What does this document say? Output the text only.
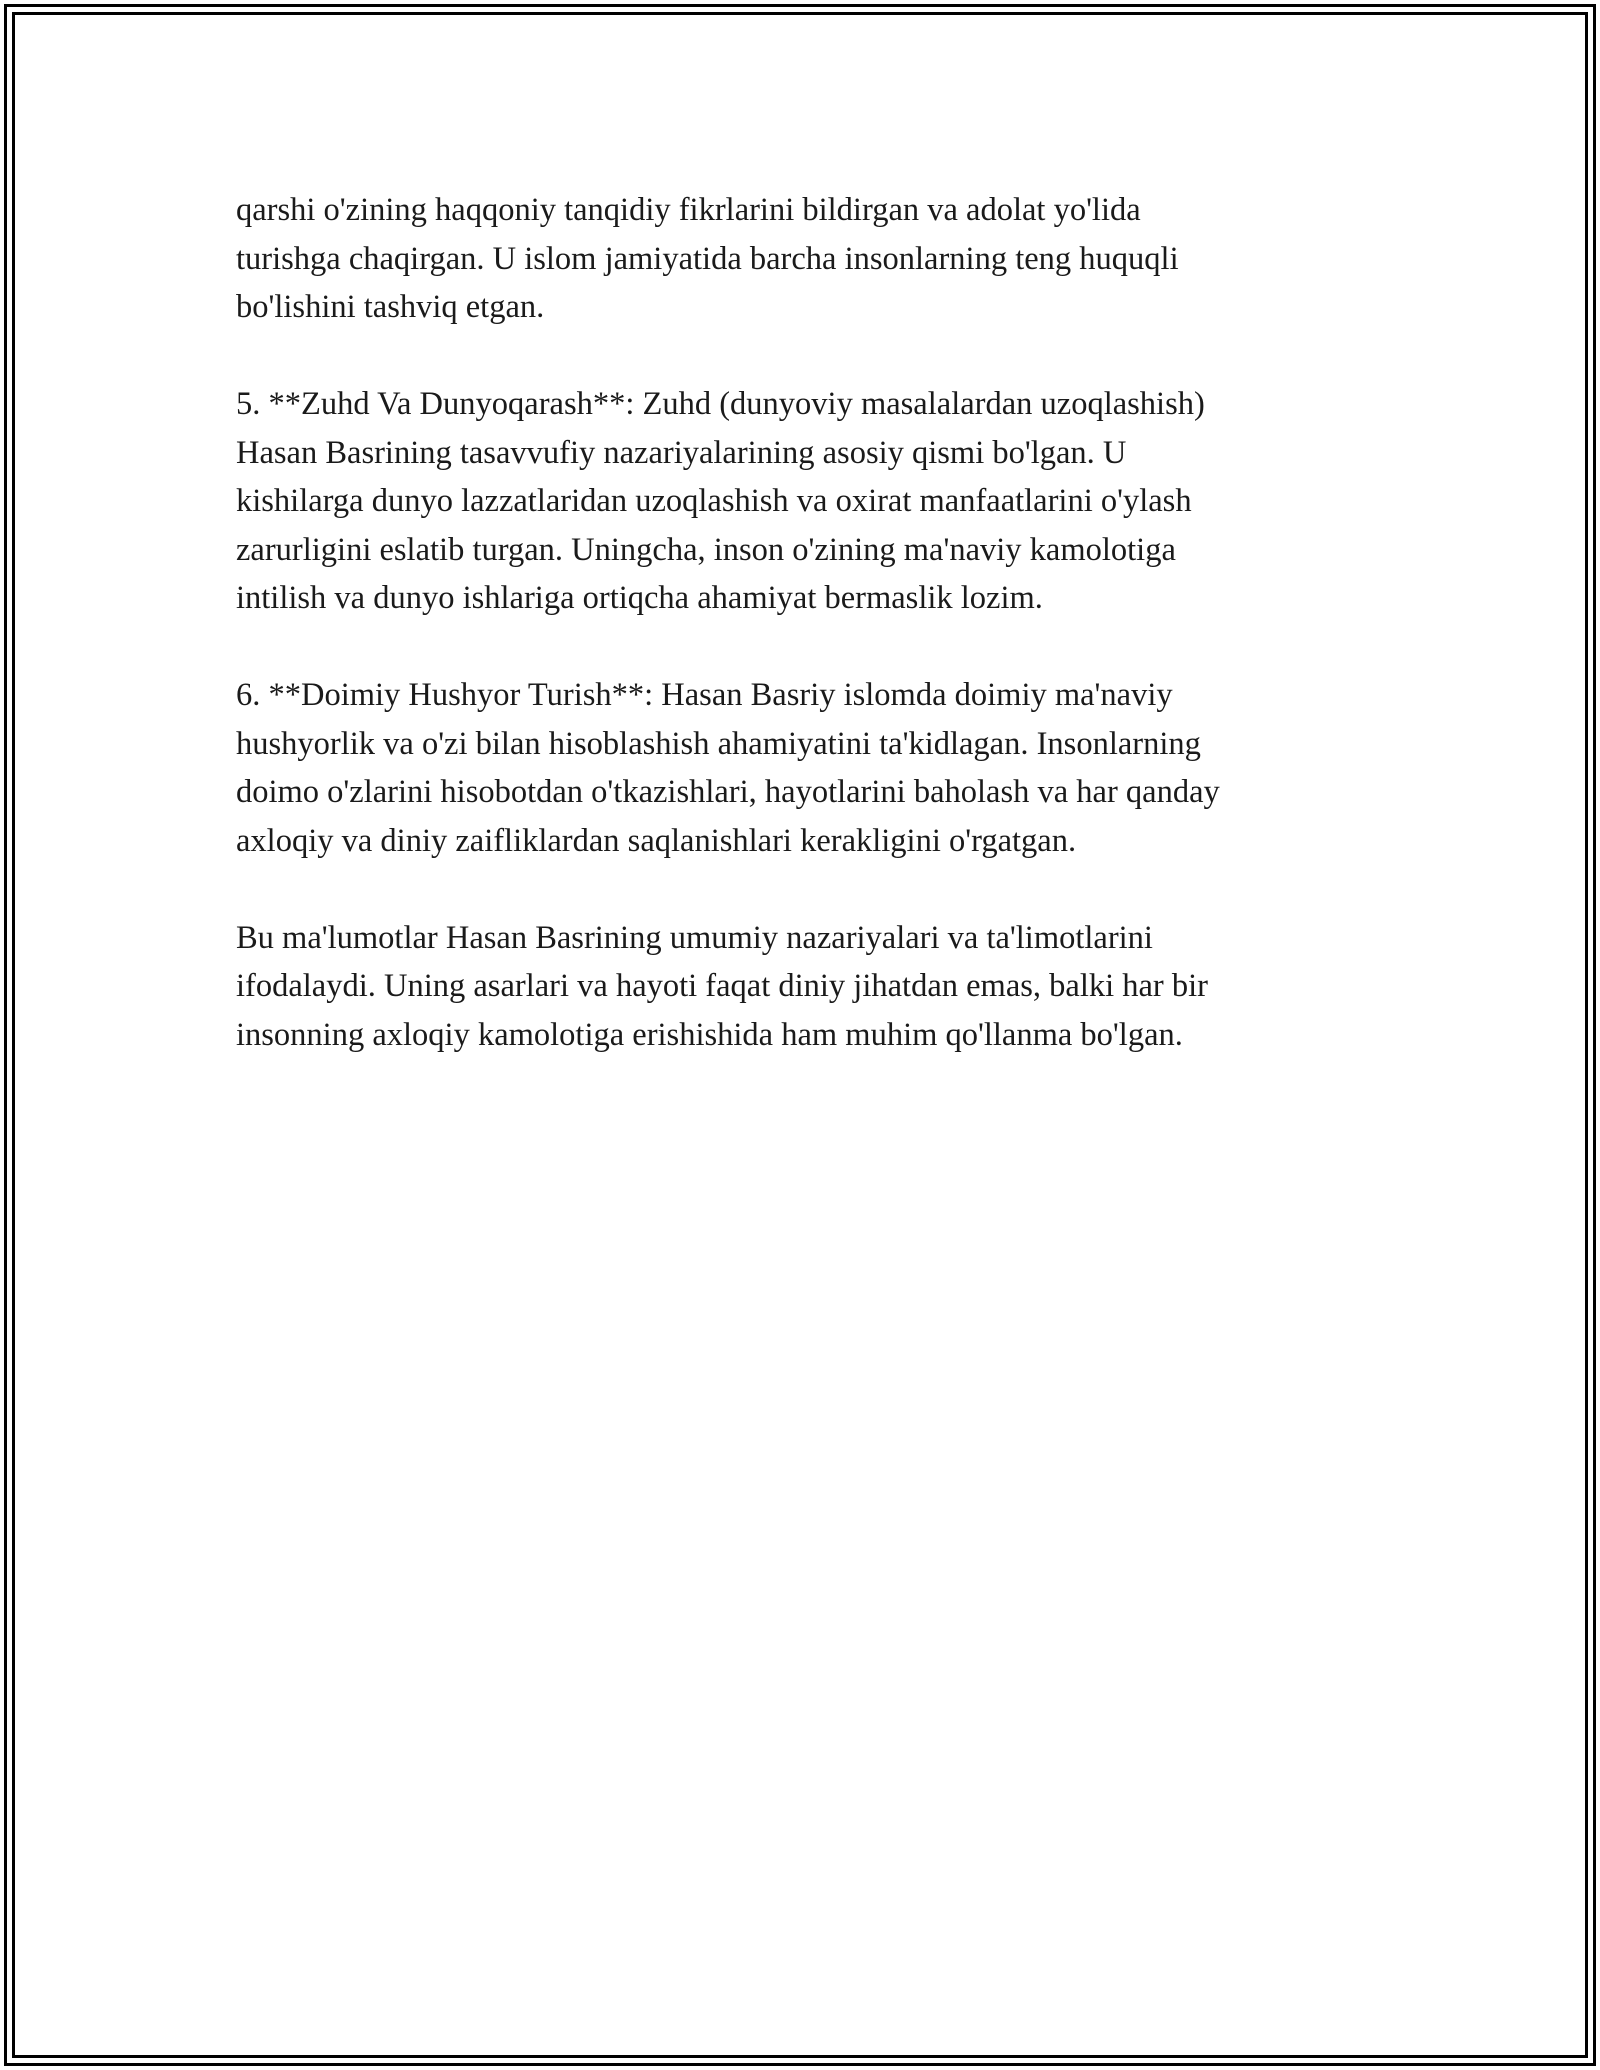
qarshi o'zining haqqoniy tanqidiy fikrlarini bildirgan va adolat yo'lida
turishga chaqirgan. U islom jamiyatida barcha insonlarning teng huquqli
bo'lishini tashviq etgan.

5. **Zuhd Va Dunyoqarash**: Zuhd (dunyoviy masalalardan uzoqlashish)
Hasan Basrining tasavvufiy nazariyalarining asosiy qismi bo'lgan. U
kishilarga dunyo lazzatlaridan uzoqlashish va oxirat manfaatlarini o'ylash
zarurligini eslatib turgan. Uningcha, inson o'zining ma'naviy kamolotiga
intilish va dunyo ishlariga ortiqcha ahamiyat bermaslik lozim.

6. **Doimiy Hushyor Turish**: Hasan Basriy islomda doimiy ma'naviy
hushyorlik va o'zi bilan hisoblashish ahamiyatini ta'kidlagan. Insonlarning
doimo o'zlarini hisobotdan o'tkazishlari, hayotlarini baholash va har qanday
axloqiy va diniy zaifliklardan saqlanishlari kerakligini o'rgatgan.

Bu ma'lumotlar Hasan Basrining umumiy nazariyalari va ta'limotlarini
ifodalaydi. Uning asarlari va hayoti faqat diniy jihatdan emas, balki har bir
insonning axloqiy kamolotiga erishishida ham muhim qo'llanma bo'lgan.
